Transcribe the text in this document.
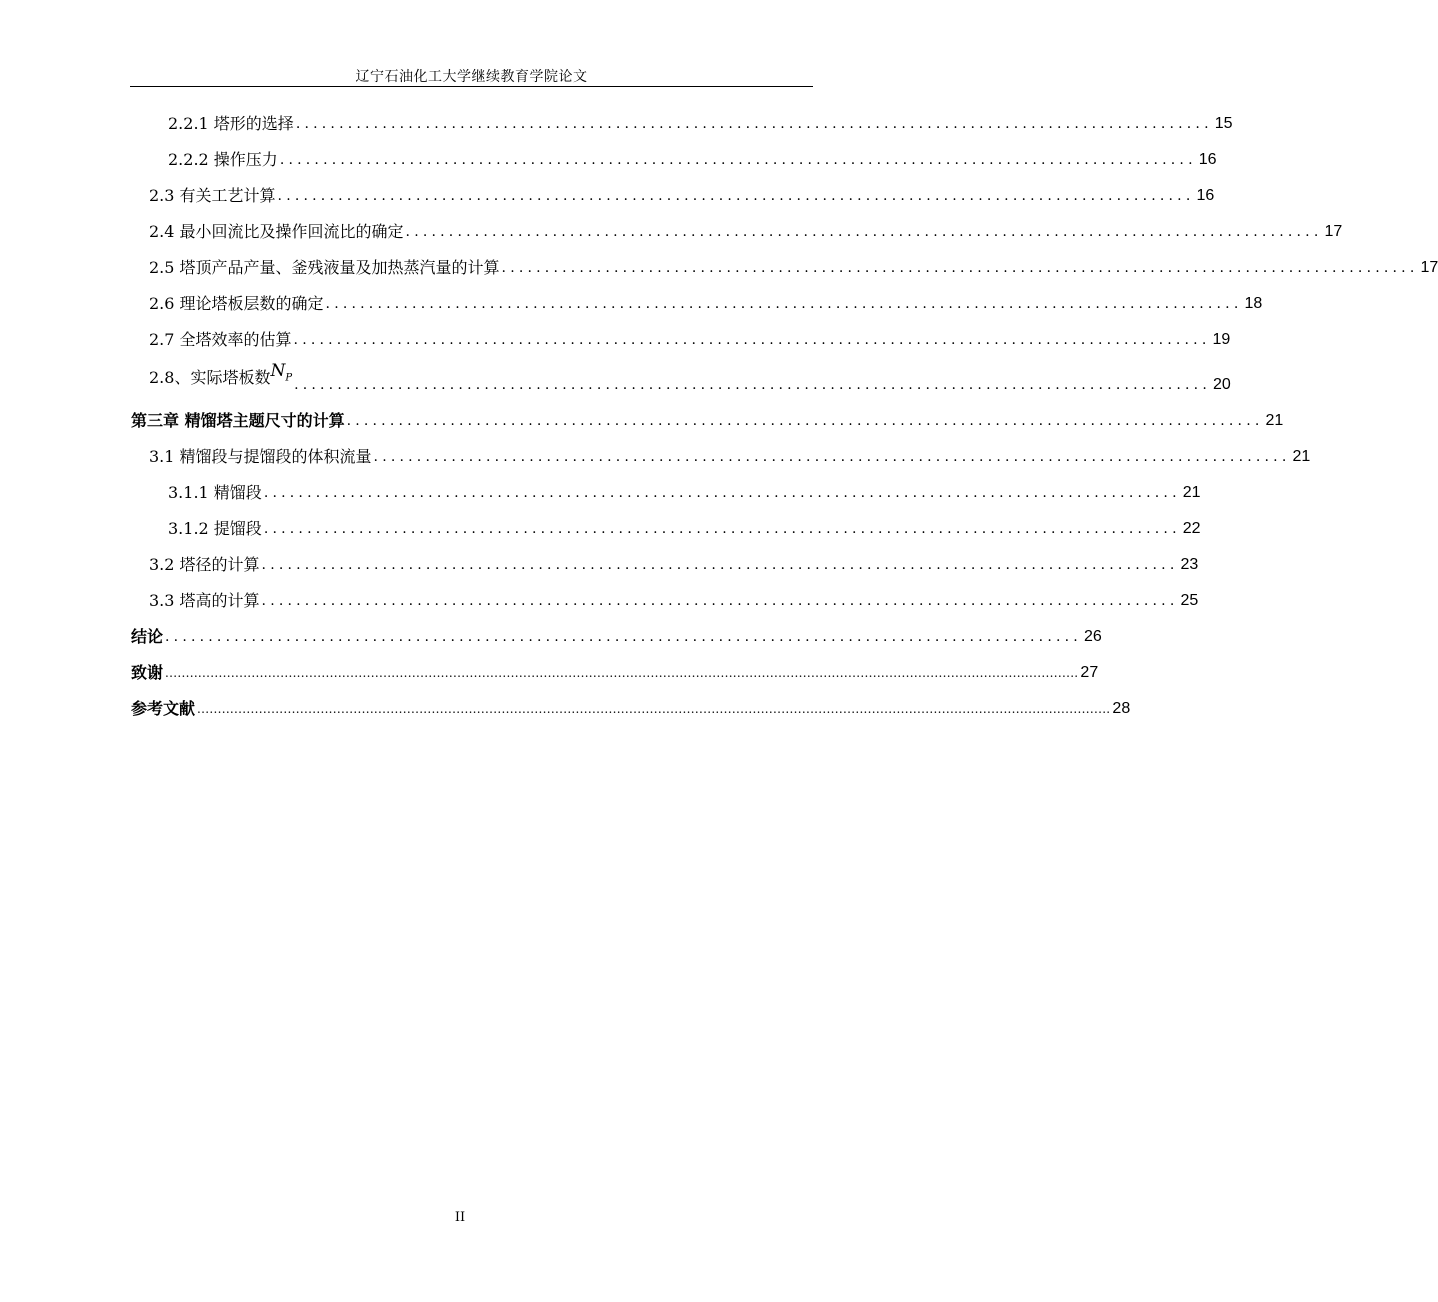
辽宁石油化工大学继续教育学院论文
2.2.1 塔形的选择 .......................................................................................................... 15
2.2.2 操作压力 .......................................................................................................... 16
2.3 有关工艺计算 .......................................................................................................... 16
2.4 最小回流比及操作回流比的确定 .......................................................................................................... 17
2.5 塔顶产品产量、釜残液量及加热蒸汽量的计算 .......................................................................................................... 17
2.6 理论塔板层数的确定 .......................................................................................................... 18
2.7 全塔效率的估算 .......................................................................................................... 19
2.8、实际塔板数$N_P$ .......................................................................................................... 20
第三章 精馏塔主题尺寸的计算 .......................................................................................................... 21
3.1 精馏段与提馏段的体积流量 .......................................................................................................... 21
3.1.1 精馏段 .......................................................................................................... 21
3.1.2 提馏段 .......................................................................................................... 22
3.2 塔径的计算 .......................................................................................................... 23
3.3 塔高的计算 .......................................................................................................... 25
结论 .......................................................................................................... 26
致谢 .............................................................................................................................................................................................................................. 27
参考文献 .............................................................................................................................................................................................................................. 28
II
